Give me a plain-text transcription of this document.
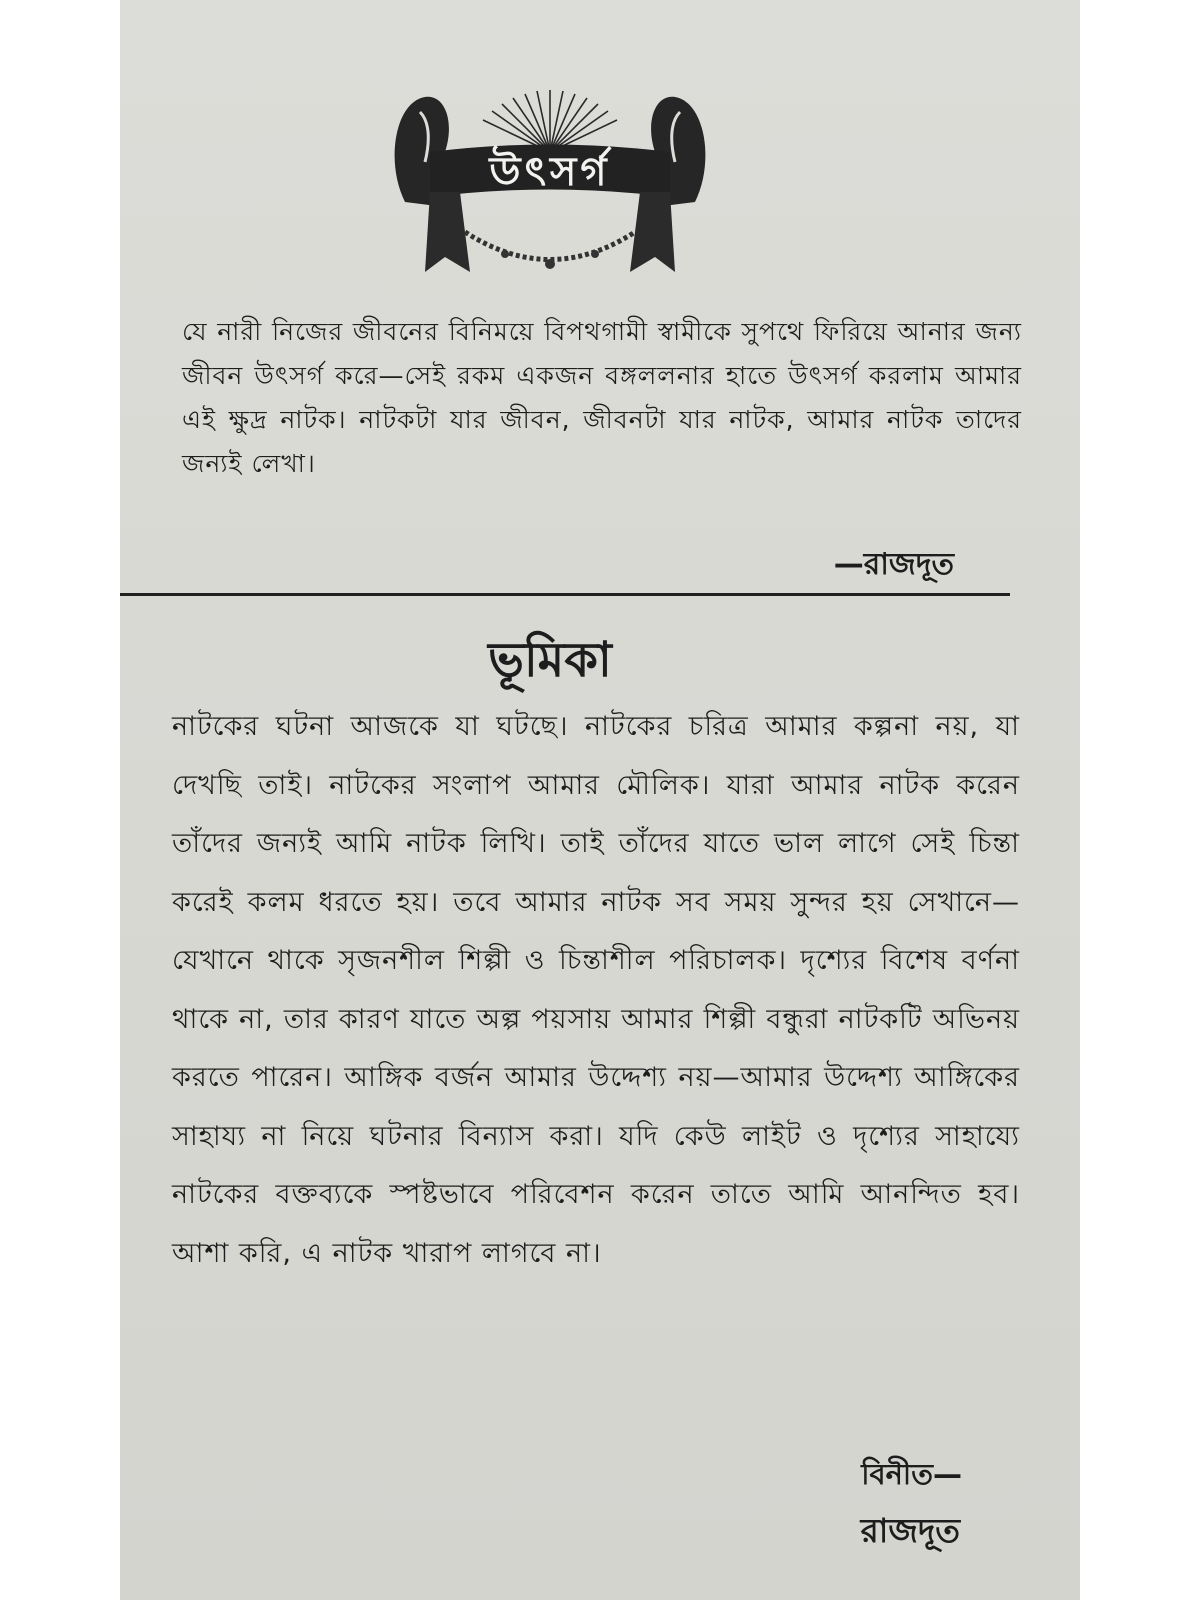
উৎসর্গ
যে নারী নিজের জীবনের বিনিময়ে বিপথগামী স্বামীকে সুপথে ফিরিয়ে আনার জন্য জীবন উৎসর্গ করে—সেই রকম একজন বঙ্গললনার হাতে উৎসর্গ করলাম আমার এই ক্ষুদ্র নাটক। নাটকটা যার জীবন, জীবনটা যার নাটক, আমার নাটক তাদের জন্যই লেখা।
—রাজদূত
ভূমিকা
নাটকের ঘটনা আজকে যা ঘটছে। নাটকের চরিত্র আমার কল্পনা নয়, যা দেখছি তাই। নাটকের সংলাপ আমার মৌলিক। যারা আমার নাটক করেন তাঁদের জন্যই আমি নাটক লিখি। তাই তাঁদের যাতে ভাল লাগে সেই চিন্তা করেই কলম ধরতে হয়। তবে আমার নাটক সব সময় সুন্দর হয় সেখানে—যেখানে থাকে সৃজনশীল শিল্পী ও চিন্তাশীল পরিচালক। দৃশ্যের বিশেষ বর্ণনা থাকে না, তার কারণ যাতে অল্প পয়সায় আমার শিল্পী বন্ধুরা নাটকটি অভিনয় করতে পারেন। আঙ্গিক বর্জন আমার উদ্দেশ্য নয়—আমার উদ্দেশ্য আঙ্গিকের সাহায্য না নিয়ে ঘটনার বিন্যাস করা। যদি কেউ লাইট ও দৃশ্যের সাহায্যে নাটকের বক্তব্যকে স্পষ্টভাবে পরিবেশন করেন তাতে আমি আনন্দিত হব। আশা করি, এ নাটক খারাপ লাগবে না।
বিনীত—
রাজদূত
